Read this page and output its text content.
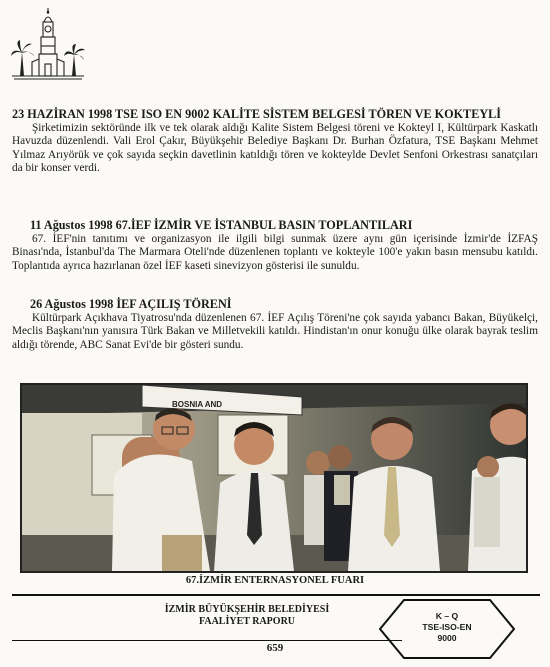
23 HAZİRAN 1998 TSE ISO EN 9002 KALİTE SİSTEM BELGESİ TÖREN VE KOKTEYLİ

Şirketimizin sektöründe ilk ve tek olarak aldığı Kalite Sistem Belgesi töreni ve Kokteyl I, Kültürpark Kaskatlı Havuzda düzenlendi. Vali Erol Çakır, Büyükşehir Belediye Başkanı Dr. Burhan Özfatura, TSE Başkanı Mehmet Yılmaz Arıyörük ve çok sayıda seçkin davetlinin katıldığı tören ve kokteylde Devlet Senfoni Orkestrası sanatçıları da bir konser verdi.

11 Ağustos 1998 67.İEF İZMİR VE İSTANBUL BASIN TOPLANTILARI

67. İEF'nin tanıtımı ve organizasyon ile ilgili bilgi sunmak üzere aynı gün içerisinde İzmir'de İZFAŞ Binası'nda, İstanbul'da The Marmara Oteli'nde düzenlenen toplantı ve kokteyle 100'e yakın basın mensubu katıldı. Toplantıda ayrıca hazırlanan özel İEF kaseti sinevizyon gösterisi ile sunuldu.

26 Ağustos 1998 İEF AÇILIŞ TÖRENİ

Kültürpark Açıkhava Tiyatrosu'nda düzenlenen 67. İEF Açılış Töreni'ne çok sayıda yabancı Bakan, Büyükelçi, Meclis Başkanı'nın yanısıra Türk Bakan ve Milletvekili katıldı. Hindistan'ın onur konuğu ülke olarak bayrak teslim aldığı törende, ABC Sanat Evi'de bir gösteri sundu.

BOSNIA AND
67.İZMİR ENTERNASYONEL FUARI
İZMİR BÜYÜKŞEHİR BELEDİYESİ
FAALİYET RAPORU
659
K – Q
TSE-ISO-EN
9000
